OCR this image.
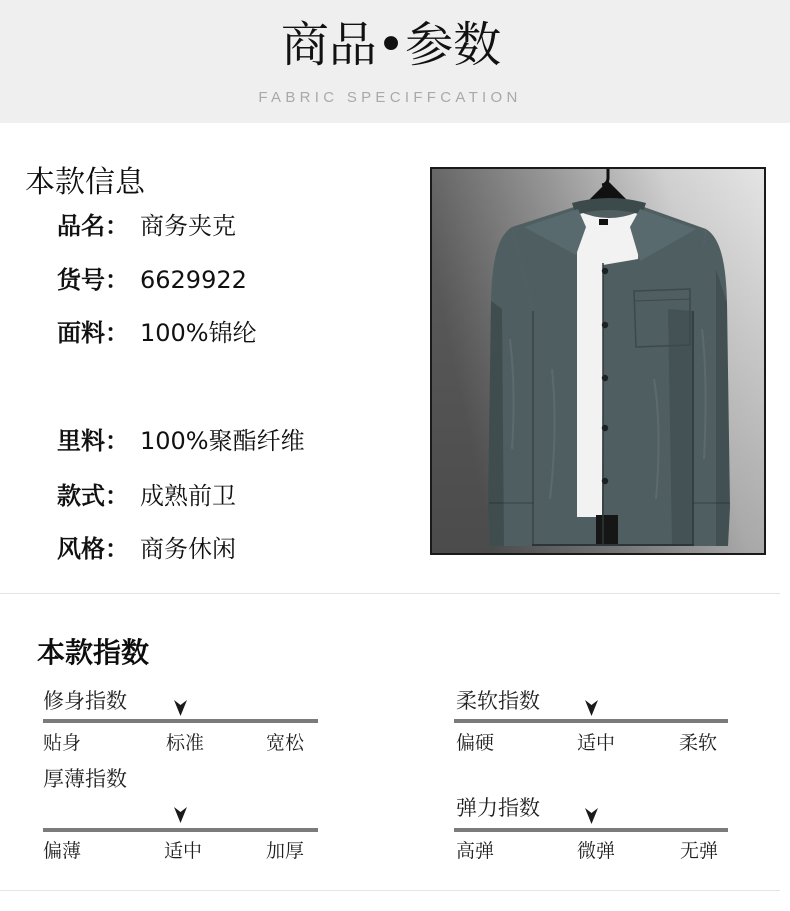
商品•参数
FABRIC SPECIFFCATION
本款信息
品名： 商务夹克
货号： 6629922
面料： 100%锦纶
里料： 100%聚酯纤维
款式： 成熟前卫
风格： 商务休闲
本款指数
修身指数
贴身	标准	宽松
厚薄指数
偏薄	适中	加厚
柔软指数
偏硬	适中	柔软
弹力指数
高弹	微弹	无弹
